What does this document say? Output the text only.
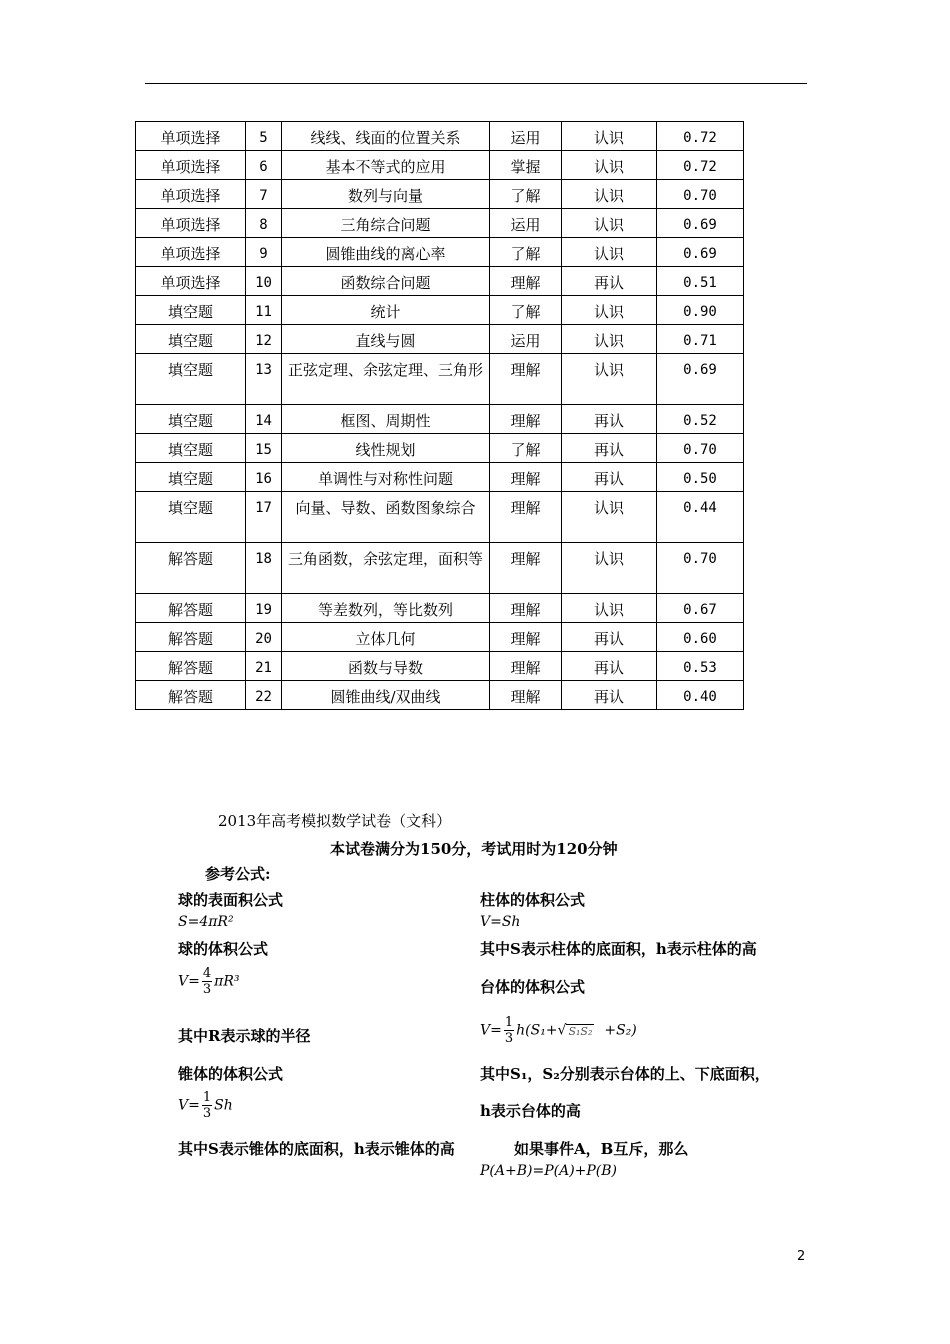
单项选择	5	线线、线面的位置关系	运用	认识	0.72
单项选择	6	基本不等式的应用	掌握	认识	0.72
单项选择	7	数列与向量	了解	认识	0.70
单项选择	8	三角综合问题	运用	认识	0.69
单项选择	9	圆锥曲线的离心率	了解	认识	0.69
单项选择	10	函数综合问题	理解	再认	0.51
填空题	11	统计	了解	认识	0.90
填空题	12	直线与圆	运用	认识	0.71
填空题	13	正弦定理、余弦定理、三角形	理解	认识	0.69
填空题	14	框图、周期性	理解	再认	0.52
填空题	15	线性规划	了解	再认	0.70
填空题	16	单调性与对称性问题	理解	再认	0.50
填空题	17	向量、导数、函数图象综合	理解	认识	0.44
解答题	18	三角函数，余弦定理，面积等	理解	认识	0.70
解答题	19	等差数列，等比数列	理解	认识	0.67
解答题	20	立体几何	理解	再认	0.60
解答题	21	函数与导数	理解	再认	0.53
解答题	22	圆锥曲线/双曲线	理解	再认	0.40
2013年高考模拟数学试卷（文科）
本试卷满分为150分，考试用时为120分钟
参考公式:
球的表面积公式
S=4πR²
球的体积公式
$V= \frac{4}{3} \pi R^3$
其中R表示球的半径
锥体的体积公式
$V= \frac{1}{3}$ Sh
其中S表示锥体的底面积，h表示锥体的高
柱体的体积公式
V=Sh
其中S表示柱体的底面积，h表示柱体的高
台体的体积公式
$V= \frac{1}{3} h(S_1+√$ S₁S₂ +S₂)
其中S₁，S₂分别表示台体的上、下底面积，
h表示台体的高
如果事件A，B互斥，那么
P(A+B)=P(A)+P(B)
2
